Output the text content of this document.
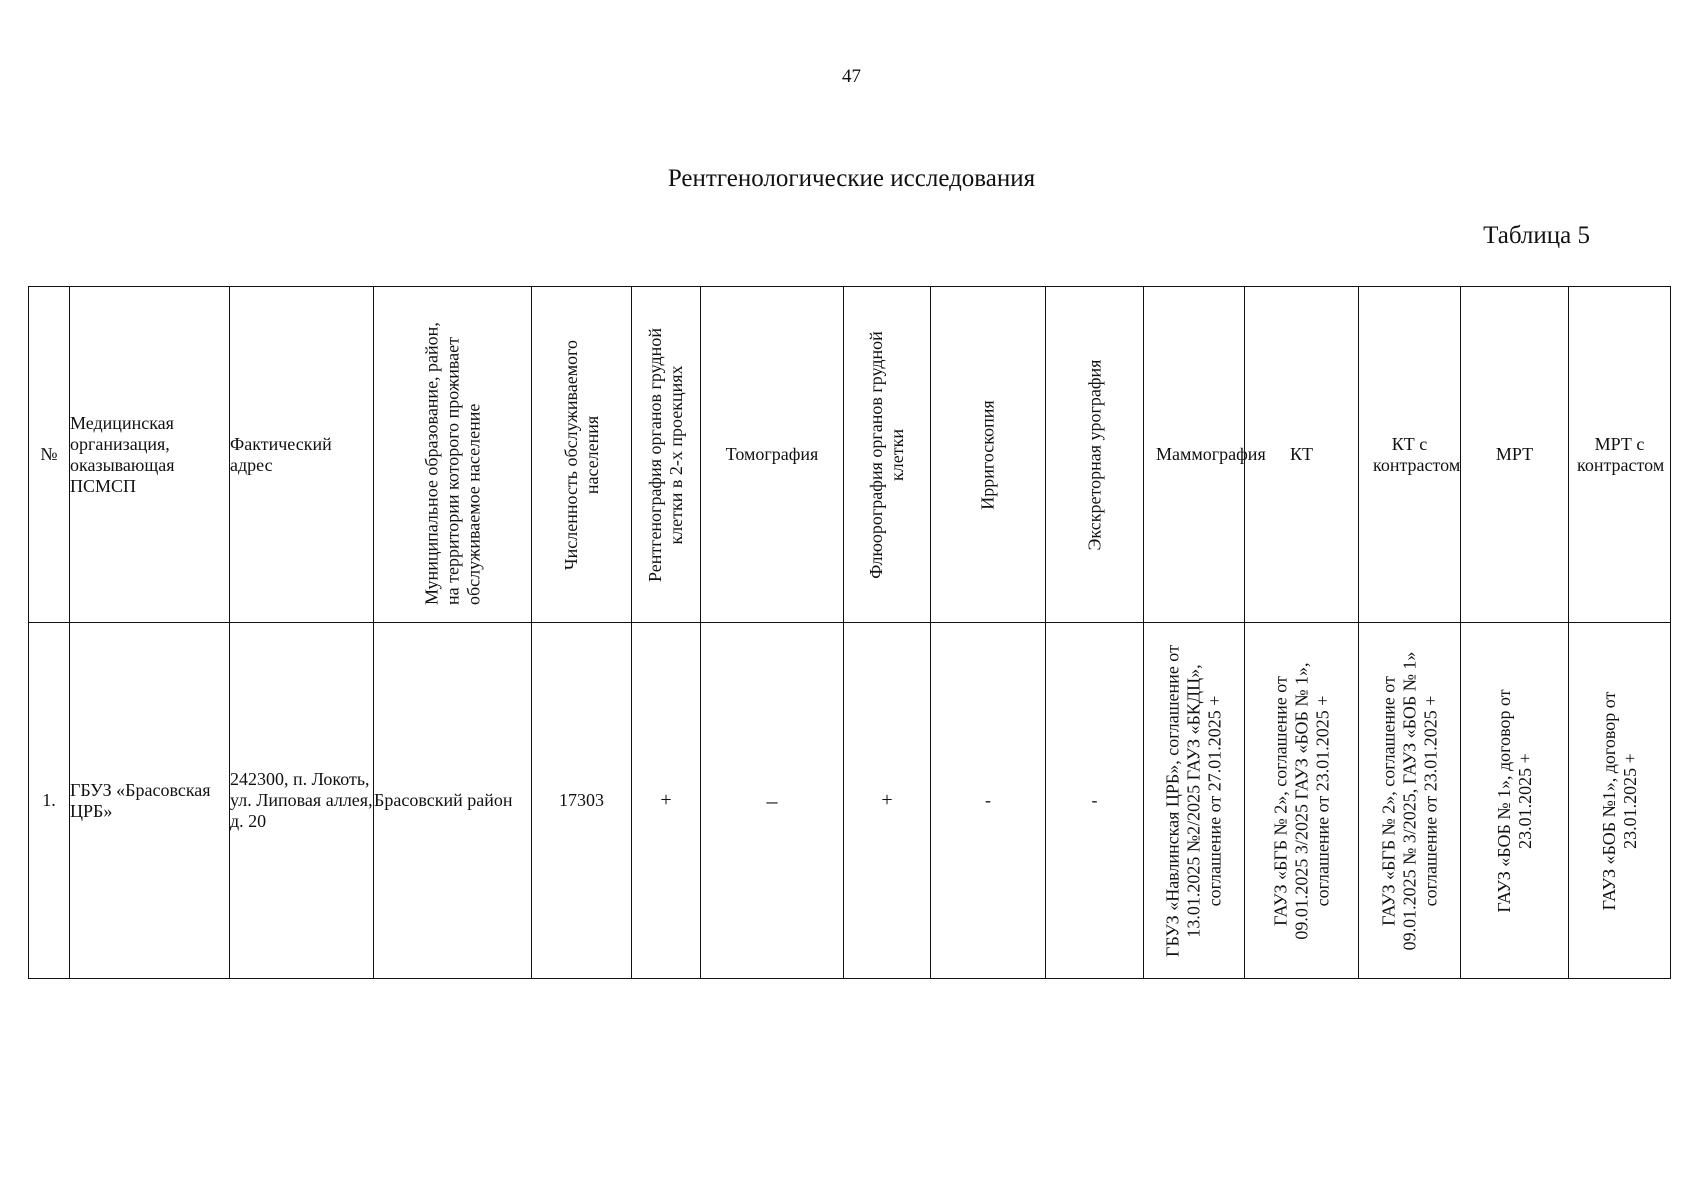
47
Рентгенологические исследования
Таблица 5
№	Медицинская организация, оказывающая ПСМСП	Фактический адрес	Муниципальное образование, район, на территории которого проживает обслуживаемое население	Численность обслуживаемого населения	Рентгенография органов грудной клетки в 2-х проекциях	Томография	Флюорография органов грудной клетки	Ирригоскопия	Экскреторная урография	Маммография	КТ	КТ с контрастом	МРТ	МРТ с контрастом
1.	ГБУЗ «Брасовская ЦРБ»	242300, п. Локоть, ул. Липовая аллея, д. 20	Брасовский район	17303	+	–	+	-	-	ГБУЗ «Навлинская ЦРБ», соглашение от 13.01.2025 №2/2025 ГАУЗ «БКДЦ», соглашение от 27.01.2025 +	ГАУЗ «БГБ № 2», соглашение от 09.01.2025 3/2025 ГАУЗ «БОБ № 1», соглашение от 23.01.2025 +	ГАУЗ «БГБ № 2», соглашение от 09.01.2025 № 3/2025, ГАУЗ «БОБ № 1» соглашение от 23.01.2025 +	ГАУЗ «БОБ № 1», договор от 23.01.2025 +	ГАУЗ «БОБ №1», договор от 23.01.2025 +
